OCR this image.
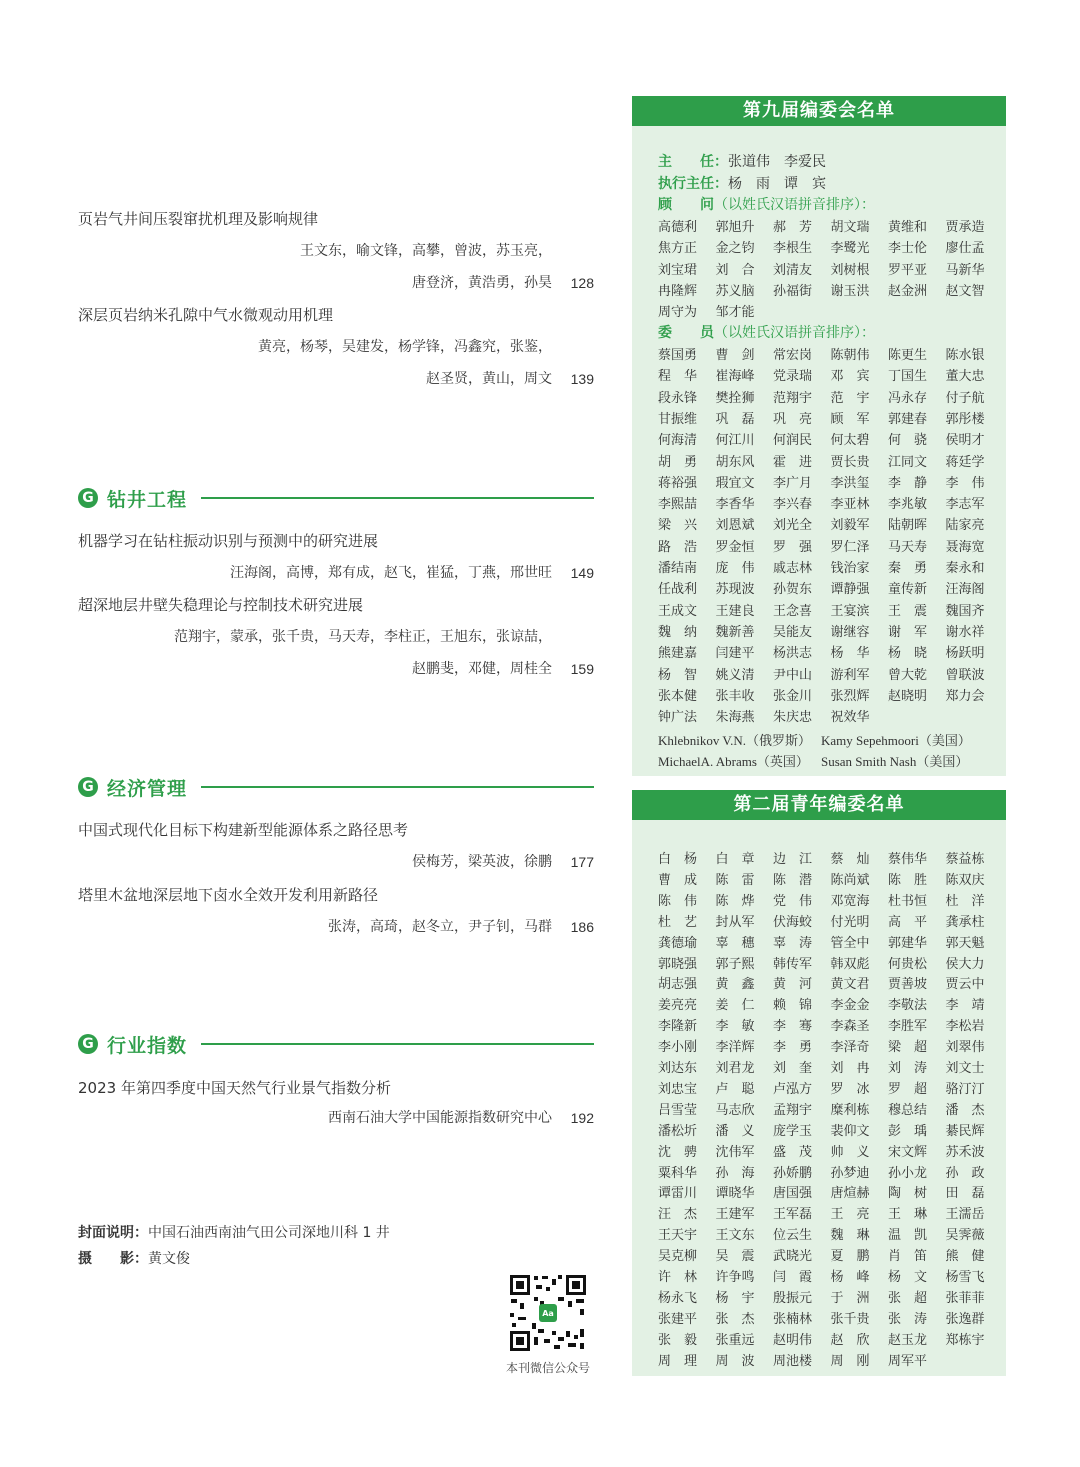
页岩气井间压裂窜扰机理及影响规律
王文东，喻文锋，高攀，曾波，苏玉亮，
唐登济，黄浩勇，孙昊 128
深层页岩纳米孔隙中气水微观动用机理
黄亮，杨琴，吴建发，杨学锋，冯鑫究，张鉴，
赵圣贤，黄山，周文 139
G 钻井工程
机器学习在钻柱振动识别与预测中的研究进展
汪海阁，高博，郑有成，赵飞，崔猛，丁燕，邢世旺 149
超深地层井壁失稳理论与控制技术研究进展
范翔宇，蒙承，张千贵，马天寿，李柱正，王旭东，张谅喆，
赵鹏斐，邓健，周桂全 159
G 经济管理
中国式现代化目标下构建新型能源体系之路径思考
侯梅芳，梁英波，徐鹏 177
塔里木盆地深层地下卤水全效开发利用新路径
张涛，高琦，赵冬立，尹子钊，马群 186
G 行业指数
2023 年第四季度中国天然气行业景气指数分析
西南石油大学中国能源指数研究中心 192
封面说明：中国石油西南油气田公司深地川科 1 井
摄　　影：黄文俊
Aa
本刊微信公众号
第九届编委会名单
主　　任：张道伟　李爱民
执行主任：杨　雨　谭　宾
顾　　问（以姓氏汉语拼音排序）：
高德利 郭旭升 郝　芳 胡文瑞 黄维和 贾承造
焦方正 金之钧 李根生 李鹭光 李士伦 廖仕孟
刘宝珺 刘　合 刘清友 刘树根 罗平亚 马新华
冉隆辉 苏义脑 孙福街 谢玉洪 赵金洲 赵文智
周守为 邹才能
委　　员（以姓氏汉语拼音排序）：
蔡国勇 曹　剑 常宏岗 陈朝伟 陈更生 陈水银
程　华 崔海峰 党录瑞 邓　宾 丁国生 董大忠
段永锋 樊拴狮 范翔宇 范　宇 冯永存 付子航
甘振维 巩　磊 巩　亮 顾　军 郭建春 郭彤楼
何海清 何江川 何润民 何太碧 何　骁 侯明才
胡　勇 胡东风 霍　进 贾长贵 江同文 蒋廷学
蒋裕强 瑕宜文 李广月 李洪玺 李　静 李　伟
李熙喆 李香华 李兴春 李亚林 李兆敏 李志军
梁　兴 刘恩斌 刘光全 刘毅军 陆朝晖 陆家亮
路　浩 罗金恒 罗　强 罗仁泽 马天寿 聂海宽
潘结南 庞　伟 戚志林 钱治家 秦　勇 秦永和
任战利 苏现波 孙贺东 谭静强 童传新 汪海阁
王成文 王建良 王念喜 王宴滨 王　震 魏国齐
魏　纳 魏新善 吴能友 谢继容 谢　军 谢水祥
熊建嘉 闫建平 杨洪志 杨　华 杨　晓 杨跃明
杨　智 姚义清 尹中山 游利军 曾大乾 曾联波
张本健 张丰收 张金川 张烈辉 赵晓明 郑力会
钟广法 朱海燕 朱庆忠 祝效华
Khlebnikov V.N.（俄罗斯） Kamy Sepehmoori（美国）
MichaelA. Abrams（英国） Susan Smith Nash（美国）
第二届青年编委名单
白　杨 白　章 边　江 蔡　灿 蔡伟华 蔡益栋
曹　成 陈　雷 陈　潜 陈尚斌 陈　胜 陈双庆
陈　伟 陈　烨 党　伟 邓宽海 杜书恒 杜　洋
杜　艺 封从军 伏海蛟 付光明 高　平 龚承柱
龚德瑜 辜　穗 辜　涛 管全中 郭建华 郭天魁
郭晓强 郭子熙 韩传军 韩双彪 何贵松 侯大力
胡志强 黄　鑫 黄　河 黄文君 贾善坡 贾云中
姜亮亮 姜　仁 赖　锦 李金金 李敬法 李　靖
李隆新 李　敏 李　骞 李森圣 李胜军 李松岩
李小刚 李洋辉 李　勇 李泽奇 梁　超 刘翠伟
刘达东 刘君龙 刘　奎 刘　冉 刘　涛 刘文士
刘忠宝 卢　聪 卢泓方 罗　冰 罗　超 骆汀汀
吕雪莹 马志欣 孟翔宇 糜利栋 穆总结 潘　杰
潘松圻 潘　义 庞学玉 裴仰文 彭　瑀 綦民辉
沈　骋 沈伟军 盛　茂 帅　义 宋文辉 苏禾波
粟科华 孙　海 孙娇鹏 孙梦迪 孙小龙 孙　政
谭雷川 谭晓华 唐国强 唐煊赫 陶　树 田　磊
汪　杰 王建军 王军磊 王　亮 王　琳 王濡岳
王天宇 王文东 位云生 魏　琳 温　凯 吴霁薇
吴克柳 吴　震 武晓光 夏　鹏 肖　笛 熊　健
许　林 许争鸣 闫　霞 杨　峰 杨　文 杨雪飞
杨永飞 杨　宇 殷振元 于　洲 张　超 张菲菲
张建平 张　杰 张楠林 张千贵 张　涛 张逸群
张　毅 张重远 赵明伟 赵　欣 赵玉龙 郑栋宇
周　理 周　波 周池楼 周　刚 周军平
